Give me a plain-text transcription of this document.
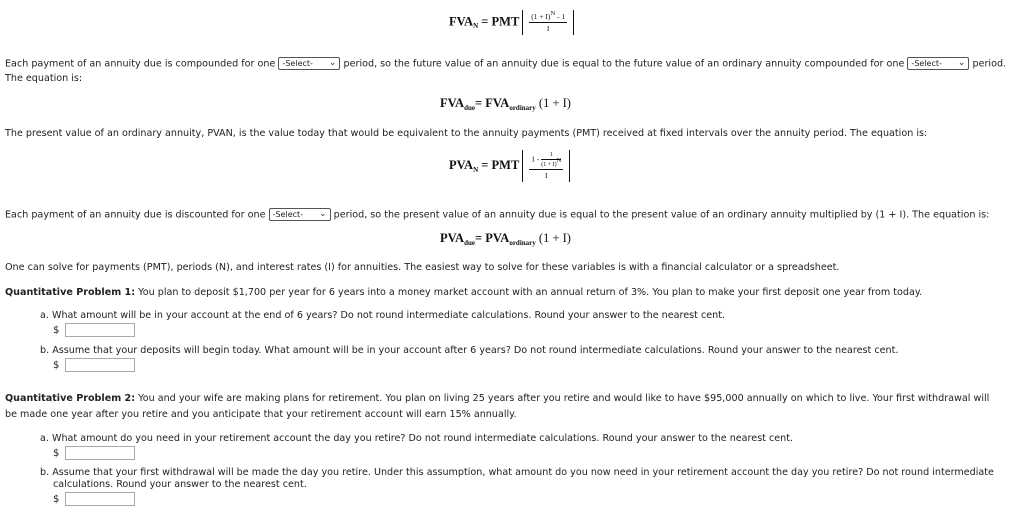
$FVA_N$ = PMT $\frac{(1 + I)N - 1}{I}$
Each payment of an annuity due is compounded for one -Select- ⌄ period, so the future value of an annuity due is equal to the future value of an ordinary annuity compounded for one -Select- ⌄ period.
The equation is:
$FVA_{due}= FVA_{ordinary}$ (1 + I)
The present value of an ordinary annuity, PVAN, is the value today that would be equivalent to the annuity payments (PMT) received at fixed intervals over the annuity period. The equation is:
$PVA_N$ = PMT $\frac{1 - \frac{1}{(1 + I)N}}{I}$
Each payment of an annuity due is discounted for one -Select- ⌄ period, so the present value of an annuity due is equal to the present value of an ordinary annuity multiplied by (1 + I). The equation is:
$PVA_{due}= PVA_{ordinary}$ (1 + I)
One can solve for payments (PMT), periods (N), and interest rates (I) for annuities. The easiest way to solve for these variables is with a financial calculator or a spreadsheet.
Quantitative Problem 1: You plan to deposit $1,700 per year for 6 years into a money market account with an annual return of 3%. You plan to make your first deposit one year from today.
a. What amount will be in your account at the end of 6 years? Do not round intermediate calculations. Round your answer to the nearest cent.
$
b. Assume that your deposits will begin today. What amount will be in your account after 6 years? Do not round intermediate calculations. Round your answer to the nearest cent.
$
Quantitative Problem 2: You and your wife are making plans for retirement. You plan on living 25 years after you retire and would like to have $95,000 annually on which to live. Your first withdrawal will
be made one year after you retire and you anticipate that your retirement account will earn 15% annually.
a. What amount do you need in your retirement account the day you retire? Do not round intermediate calculations. Round your answer to the nearest cent.
$
b. Assume that your first withdrawal will be made the day you retire. Under this assumption, what amount do you now need in your retirement account the day you retire? Do not round intermediate
calculations. Round your answer to the nearest cent.
$
